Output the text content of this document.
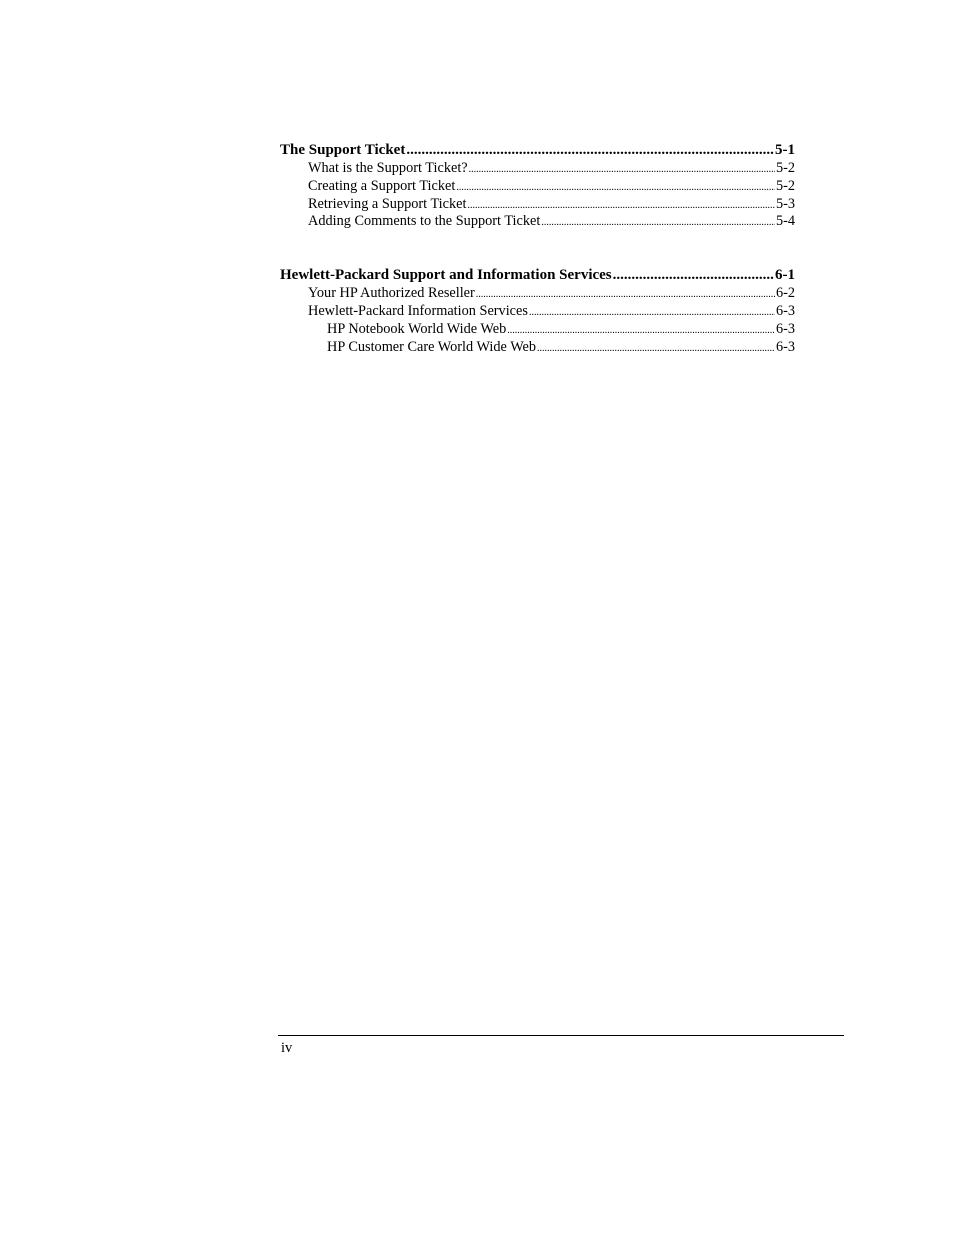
The Support Ticket .....	5-1
What is the Support Ticket? .....	5-2
Creating a Support Ticket .....	5-2
Retrieving a Support Ticket .....	5-3
Adding Comments to the Support Ticket .....	5-4
Hewlett-Packard Support and Information Services .....	6-1
Your HP Authorized Reseller .....	6-2
Hewlett-Packard Information Services .....	6-3
HP Notebook World Wide Web .....	6-3
HP Customer Care World Wide Web .....	6-3
iv
